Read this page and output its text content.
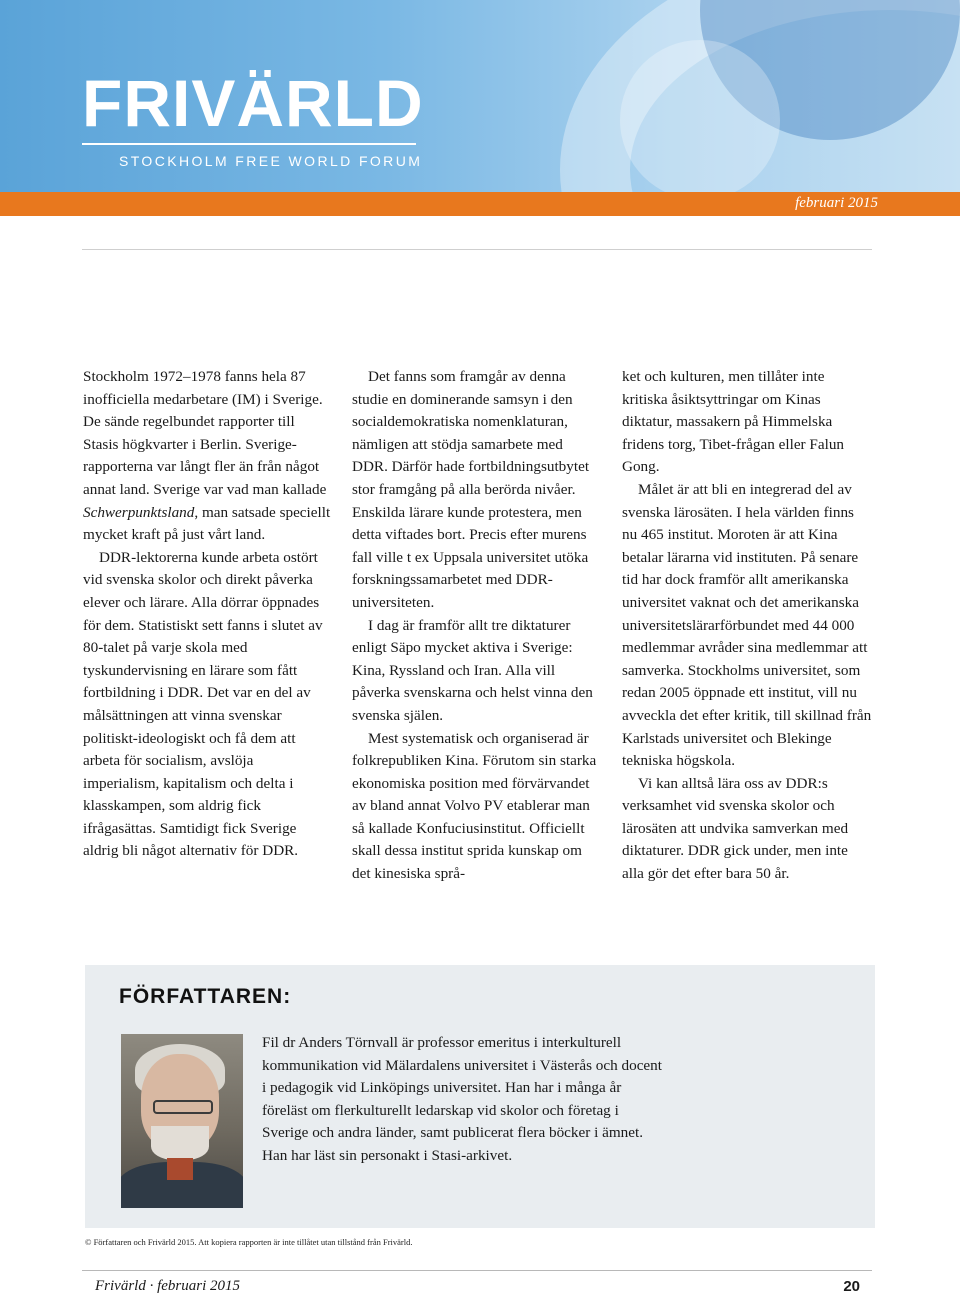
FRIVÄRLD
STOCKHOLM FREE WORLD FORUM
februari 2015

Stockholm 1972–1978 fanns hela 87 inofficiella medarbetare (IM) i Sverige. De sände regelbundet rapporter till Stasis högkvarter i Berlin. Sverige-rapporterna var långt fler än från något annat land. Sverige var vad man kallade Schwerpunktsland, man satsade speciellt mycket kraft på just vårt land.

DDR-lektorerna kunde arbeta ostört vid svenska skolor och direkt påverka elever och lärare. Alla dörrar öppnades för dem. Statistiskt sett fanns i slutet av 80-talet på varje skola med tyskundervisning en lärare som fått fortbildning i DDR. Det var en del av målsättningen att vinna svenskar politiskt-ideologiskt och få dem att arbeta för socialism, avslöja imperialism, kapitalism och delta i klasskampen, som aldrig fick ifrågasättas. Samtidigt fick Sverige aldrig bli något alternativ för DDR.

Det fanns som framgår av denna studie en dominerande samsyn i den socialdemokratiska nomenklaturan, nämligen att stödja samarbete med DDR. Därför hade fortbildningsutbytet stor framgång på alla berörda nivåer. Enskilda lärare kunde protestera, men detta viftades bort. Precis efter murens fall ville t ex Uppsala universitet utöka forskningssamarbetet med DDR-universiteten.

I dag är framför allt tre diktaturer enligt Säpo mycket aktiva i Sverige: Kina, Ryssland och Iran. Alla vill påverka svenskarna och helst vinna den svenska själen.

Mest systematisk och organiserad är folkrepubliken Kina. Förutom sin starka ekonomiska position med förvärvandet av bland annat Volvo PV etablerar man så kallade Konfuciusinstitut. Officiellt skall dessa institut sprida kunskap om det kinesiska språ-

ket och kulturen, men tillåter inte kritiska åsiktsyttringar om Kinas diktatur, massakern på Himmelska fridens torg, Tibet-frågan eller Falun Gong.

Målet är att bli en integrerad del av svenska lärosäten. I hela världen finns nu 465 institut. Moroten är att Kina betalar lärarna vid instituten. På senare tid har dock framför allt amerikanska universitet vaknat och det amerikanska universitetslärarförbundet med 44 000 medlemmar avråder sina medlemmar att samverka. Stockholms universitet, som redan 2005 öppnade ett institut, vill nu avveckla det efter kritik, till skillnad från Karlstads universitet och Blekinge tekniska högskola.

Vi kan alltså lära oss av DDR:s verksamhet vid svenska skolor och lärosäten att undvika samverkan med diktaturer. DDR gick under, men inte alla gör det efter bara 50 år.

FÖRFATTAREN:
Fil dr Anders Törnvall är professor emeritus i interkulturell kommunikation vid Mälardalens universitet i Västerås och docent i pedagogik vid Linköpings universitet. Han har i många år föreläst om flerkulturellt ledarskap vid skolor och företag i Sverige och andra länder, samt publicerat flera böcker i ämnet. Han har läst sin personakt i Stasi-arkivet.
© Författaren och Frivärld 2015. Att kopiera rapporten är inte tillåtet utan tillstånd från Frivärld.
Frivärld · februari 2015	20
